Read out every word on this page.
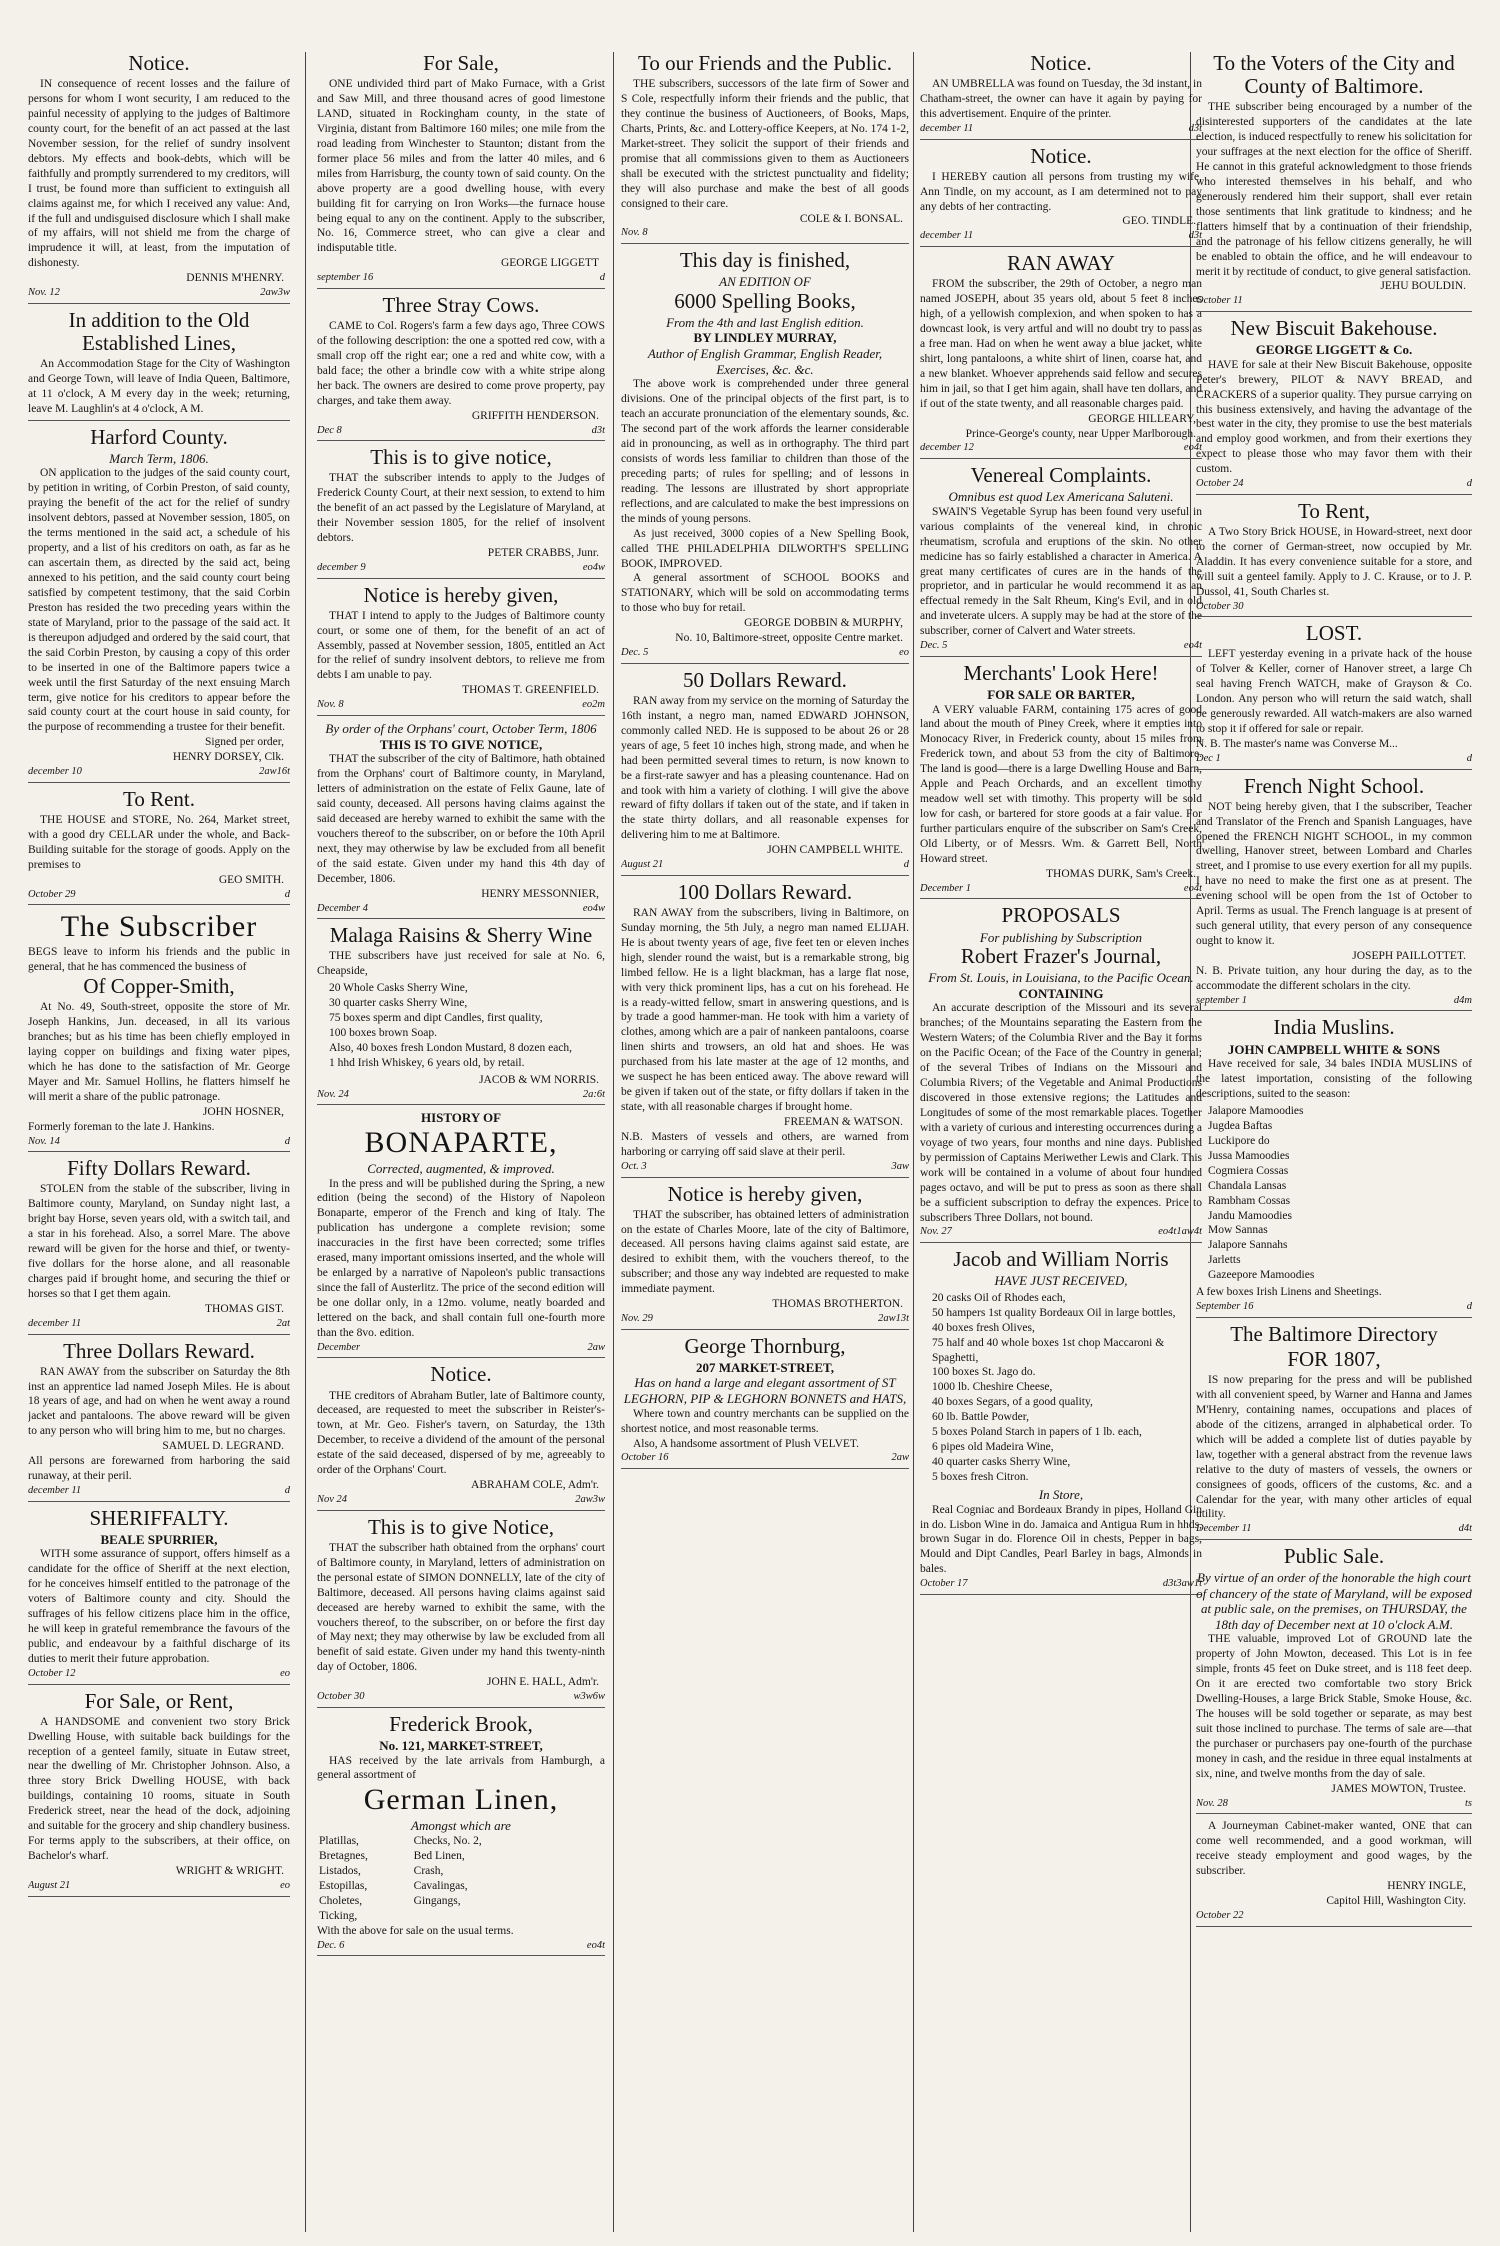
Notice.

IN consequence of recent losses and the failure of persons for whom I wont security, I am reduced to the painful necessity of applying to the judges of Baltimore county court, for the benefit of an act passed at the last November session, for the relief of sundry insolvent debtors. My effects and book-debts, which will be faithfully and promptly surrendered to my creditors, will I trust, be found more than sufficient to extinguish all claims against me, for which I received any value: And, if the full and undisguised disclosure which I shall make of my affairs, will not shield me from the charge of imprudence it will, at least, from the imputation of dishonesty.

DENNIS M'HENRY.
Nov. 12	2aw3w
In addition to the Old Established Lines,

An Accommodation Stage for the City of Washington and George Town, will leave of India Queen, Baltimore, at 11 o'clock, A M every day in the week; returning, leave M. Laughlin's at 4 o'clock, A M.

Harford County.
March Term, 1806.

ON application to the judges of the said county court, by petition in writing, of Corbin Preston, of said county, praying the benefit of the act for the relief of sundry insolvent debtors, passed at November session, 1805, on the terms mentioned in the said act, a schedule of his property, and a list of his creditors on oath, as far as he can ascertain them, as directed by the said act, being annexed to his petition, and the said county court being satisfied by competent testimony, that the said Corbin Preston has resided the two preceding years within the state of Maryland, prior to the passage of the said act. It is thereupon adjudged and ordered by the said court, that the said Corbin Preston, by causing a copy of this order to be inserted in one of the Baltimore papers twice a week until the first Saturday of the next ensuing March term, give notice for his creditors to appear before the said county court at the court house in said county, for the purpose of recommending a trustee for their benefit.

Signed per order,
HENRY DORSEY, Clk.
december 10	2aw16t
To Rent.

THE HOUSE and STORE, No. 264, Market street, with a good dry CELLAR under the whole, and Back-Building suitable for the storage of goods. Apply on the premises to

GEO SMITH.
October 29	d
The Subscriber

BEGS leave to inform his friends and the public in general, that he has commenced the business of

Of Copper-Smith,

At No. 49, South-street, opposite the store of Mr. Joseph Hankins, Jun. deceased, in all its various branches; but as his time has been chiefly employed in laying copper on buildings and fixing water pipes, which he has done to the satisfaction of Mr. George Mayer and Mr. Samuel Hollins, he flatters himself he will merit a share of the public patronage.

JOHN HOSNER,

Formerly foreman to the late J. Hankins.

Nov. 14	d
Fifty Dollars Reward.

STOLEN from the stable of the subscriber, living in Baltimore county, Maryland, on Sunday night last, a bright bay Horse, seven years old, with a switch tail, and a star in his forehead. Also, a sorrel Mare. The above reward will be given for the horse and thief, or twenty-five dollars for the horse alone, and all reasonable charges paid if brought home, and securing the thief or horses so that I get them again.

THOMAS GIST.
december 11	2at
Three Dollars Reward.

RAN AWAY from the subscriber on Saturday the 8th inst an apprentice lad named Joseph Miles. He is about 18 years of age, and had on when he went away a round jacket and pantaloons. The above reward will be given to any person who will bring him to me, but no charges.

SAMUEL D. LEGRAND.

All persons are forewarned from harboring the said runaway, at their peril.

december 11	d
SHERIFFALTY.
BEALE SPURRIER,

WITH some assurance of support, offers himself as a candidate for the office of Sheriff at the next election, for he conceives himself entitled to the patronage of the voters of Baltimore county and city. Should the suffrages of his fellow citizens place him in the office, he will keep in grateful remembrance the favours of the public, and endeavour by a faithful discharge of its duties to merit their future approbation.

October 12	eo
For Sale, or Rent,

A HANDSOME and convenient two story Brick Dwelling House, with suitable back buildings for the reception of a genteel family, situate in Eutaw street, near the dwelling of Mr. Christopher Johnson. Also, a three story Brick Dwelling HOUSE, with back buildings, containing 10 rooms, situate in South Frederick street, near the head of the dock, adjoining and suitable for the grocery and ship chandlery business. For terms apply to the subscribers, at their office, on Bachelor's wharf.

WRIGHT & WRIGHT.
August 21	eo
For Sale,

ONE undivided third part of Mako Furnace, with a Grist and Saw Mill, and three thousand acres of good limestone LAND, situated in Rockingham county, in the state of Virginia, distant from Baltimore 160 miles; one mile from the road leading from Winchester to Staunton; distant from the former place 56 miles and from the latter 40 miles, and 6 miles from Harrisburg, the county town of said county. On the above property are a good dwelling house, with every building fit for carrying on Iron Works—the furnace house being equal to any on the continent. Apply to the subscriber, No. 16, Commerce street, who can give a clear and indisputable title.

GEORGE LIGGETT
september 16	d
Three Stray Cows.

CAME to Col. Rogers's farm a few days ago, Three COWS of the following description: the one a spotted red cow, with a small crop off the right ear; one a red and white cow, with a bald face; the other a brindle cow with a white stripe along her back. The owners are desired to come prove property, pay charges, and take them away.

GRIFFITH HENDERSON.
Dec 8	d3t
This is to give notice,

THAT the subscriber intends to apply to the Judges of Frederick County Court, at their next session, to extend to him the benefit of an act passed by the Legislature of Maryland, at their November session 1805, for the relief of insolvent debtors.

PETER CRABBS, Junr.
december 9	eo4w
Notice is hereby given,

THAT I intend to apply to the Judges of Baltimore county court, or some one of them, for the benefit of an act of Assembly, passed at November session, 1805, entitled an Act for the relief of sundry insolvent debtors, to relieve me from debts I am unable to pay.

THOMAS T. GREENFIELD.
Nov. 8	eo2m
By order of the Orphans' court, October Term, 1806
THIS IS TO GIVE NOTICE,

THAT the subscriber of the city of Baltimore, hath obtained from the Orphans' court of Baltimore county, in Maryland, letters of administration on the estate of Felix Gaune, late of said county, deceased. All persons having claims against the said deceased are hereby warned to exhibit the same with the vouchers thereof to the subscriber, on or before the 10th April next, they may otherwise by law be excluded from all benefit of the said estate. Given under my hand this 4th day of December, 1806.

HENRY MESSONNIER,
December 4	eo4w
Malaga Raisins & Sherry Wine

THE subscribers have just received for sale at No. 6, Cheapside,

20 Whole Casks Sherry Wine,
30 quarter casks Sherry Wine,
75 boxes sperm and dipt Candles, first quality,
100 boxes brown Soap.
Also, 40 boxes fresh London Mustard, 8 dozen each,
1 hhd Irish Whiskey, 6 years old, by retail.
JACOB & WM NORRIS.
Nov. 24	2a:6t
HISTORY OF
BONAPARTE,
Corrected, augmented, & improved.

In the press and will be published during the Spring, a new edition (being the second) of the History of Napoleon Bonaparte, emperor of the French and king of Italy. The publication has undergone a complete revision; some inaccuracies in the first have been corrected; some trifles erased, many important omissions inserted, and the whole will be enlarged by a narrative of Napoleon's public transactions since the fall of Austerlitz. The price of the second edition will be one dollar only, in a 12mo. volume, neatly boarded and lettered on the back, and shall contain full one-fourth more than the 8vo. edition.

December	2aw
Notice.

THE creditors of Abraham Butler, late of Baltimore county, deceased, are requested to meet the subscriber in Reister's-town, at Mr. Geo. Fisher's tavern, on Saturday, the 13th December, to receive a dividend of the amount of the personal estate of the said deceased, dispersed of by me, agreeably to order of the Orphans' Court.

ABRAHAM COLE, Adm'r.
Nov 24	2aw3w
This is to give Notice,

THAT the subscriber hath obtained from the orphans' court of Baltimore county, in Maryland, letters of administration on the personal estate of SIMON DONNELLY, late of the city of Baltimore, deceased. All persons having claims against said deceased are hereby warned to exhibit the same, with the vouchers thereof, to the subscriber, on or before the first day of May next; they may otherwise by law be excluded from all benefit of said estate. Given under my hand this twenty-ninth day of October, 1806.

JOHN E. HALL, Adm'r.
October 30	w3w6w
Frederick Brook,
No. 121, MARKET-STREET,

HAS received by the late arrivals from Hamburgh, a general assortment of

German Linen,
Amongst which are
Platillas,	Checks, No. 2,
Bretagnes,	Bed Linen,
Listados,	Crash,
Estopillas,	Cavalingas,
Choletes,	Gingangs,
Ticking,

With the above for sale on the usual terms.

Dec. 6	eo4t
To our Friends and the Public.

THE subscribers, successors of the late firm of Sower and S Cole, respectfully inform their friends and the public, that they continue the business of Auctioneers, of Books, Maps, Charts, Prints, &c. and Lottery-office Keepers, at No. 174 1-2, Market-street. They solicit the support of their friends and promise that all commissions given to them as Auctioneers shall be executed with the strictest punctuality and fidelity; they will also purchase and make the best of all goods consigned to their care.

COLE & I. BONSAL.
Nov. 8
This day is finished,
AN EDITION OF
6000 Spelling Books,
From the 4th and last English edition.
BY LINDLEY MURRAY,
Author of English Grammar, English Reader, Exercises, &c. &c.

The above work is comprehended under three general divisions. One of the principal objects of the first part, is to teach an accurate pronunciation of the elementary sounds, &c. The second part of the work affords the learner considerable aid in pronouncing, as well as in orthography. The third part consists of words less familiar to children than those of the preceding parts; of rules for spelling; and of lessons in reading. The lessons are illustrated by short appropriate reflections, and are calculated to make the best impressions on the minds of young persons.

As just received, 3000 copies of a New Spelling Book, called THE PHILADELPHIA DILWORTH'S SPELLING BOOK, IMPROVED.

A general assortment of SCHOOL BOOKS and STATIONARY, which will be sold on accommodating terms to those who buy for retail.

GEORGE DOBBIN & MURPHY,
No. 10, Baltimore-street, opposite Centre market.
Dec. 5	eo
50 Dollars Reward.

RAN away from my service on the morning of Saturday the 16th instant, a negro man, named EDWARD JOHNSON, commonly called NED. He is supposed to be about 26 or 28 years of age, 5 feet 10 inches high, strong made, and when he had been permitted several times to return, is now known to be a first-rate sawyer and has a pleasing countenance. Had on and took with him a variety of clothing. I will give the above reward of fifty dollars if taken out of the state, and if taken in the state thirty dollars, and all reasonable expenses for delivering him to me at Baltimore.

JOHN CAMPBELL WHITE.
August 21	d
100 Dollars Reward.

RAN AWAY from the subscribers, living in Baltimore, on Sunday morning, the 5th July, a negro man named ELIJAH. He is about twenty years of age, five feet ten or eleven inches high, slender round the waist, but is a remarkable strong, big limbed fellow. He is a light blackman, has a large flat nose, with very thick prominent lips, has a cut on his forehead. He is a ready-witted fellow, smart in answering questions, and is by trade a good hammer-man. He took with him a variety of clothes, among which are a pair of nankeen pantaloons, coarse linen shirts and trowsers, an old hat and shoes. He was purchased from his late master at the age of 12 months, and we suspect he has been enticed away. The above reward will be given if taken out of the state, or fifty dollars if taken in the state, with all reasonable charges if brought home.

FREEMAN & WATSON.

N.B. Masters of vessels and others, are warned from harboring or carrying off said slave at their peril.

Oct. 3	3aw
Notice is hereby given,

THAT the subscriber, has obtained letters of administration on the estate of Charles Moore, late of the city of Baltimore, deceased. All persons having claims against said estate, are desired to exhibit them, with the vouchers thereof, to the subscriber; and those any way indebted are requested to make immediate payment.

THOMAS BROTHERTON.
Nov. 29	2aw13t
George Thornburg,
207 MARKET-STREET,
Has on hand a large and elegant assortment of ST LEGHORN, PIP & LEGHORN BONNETS and HATS,

Where town and country merchants can be supplied on the shortest notice, and most reasonable terms.

Also, A handsome assortment of Plush VELVET.

October 16	2aw
Notice.

AN UMBRELLA was found on Tuesday, the 3d instant, in Chatham-street, the owner can have it again by paying for this advertisement. Enquire of the printer.

december 11	d3t
Notice.

I HEREBY caution all persons from trusting my wife, Ann Tindle, on my account, as I am determined not to pay any debts of her contracting.

GEO. TINDLE.
december 11	d3t
RAN AWAY

FROM the subscriber, the 29th of October, a negro man named JOSEPH, about 35 years old, about 5 feet 8 inches high, of a yellowish complexion, and when spoken to has a downcast look, is very artful and will no doubt try to pass as a free man. Had on when he went away a blue jacket, white shirt, long pantaloons, a white shirt of linen, coarse hat, and a new blanket. Whoever apprehends said fellow and secures him in jail, so that I get him again, shall have ten dollars, and if out of the state twenty, and all reasonable charges paid.

GEORGE HILLEARY,
Prince-George's county, near Upper Marlborough.
december 12	eo4t
Venereal Complaints.
Omnibus est quod Lex Americana Saluteni.

SWAIN'S Vegetable Syrup has been found very useful in various complaints of the venereal kind, in chronic rheumatism, scrofula and eruptions of the skin. No other medicine has so fairly established a character in America. A great many certificates of cures are in the hands of the proprietor, and in particular he would recommend it as an effectual remedy in the Salt Rheum, King's Evil, and in old and inveterate ulcers. A supply may be had at the store of the subscriber, corner of Calvert and Water streets.

Dec. 5	eo4t
Merchants' Look Here!
FOR SALE OR BARTER,

A VERY valuable FARM, containing 175 acres of good land about the mouth of Piney Creek, where it empties into Monocacy River, in Frederick county, about 15 miles from Frederick town, and about 53 from the city of Baltimore. The land is good—there is a large Dwelling House and Barn, Apple and Peach Orchards, and an excellent timothy meadow well set with timothy. This property will be sold low for cash, or bartered for store goods at a fair value. For further particulars enquire of the subscriber on Sam's Creek, Old Liberty, or of Messrs. Wm. & Garrett Bell, North Howard street.

THOMAS DURK, Sam's Creek.
December 1	eo4t
PROPOSALS
For publishing by Subscription
Robert Frazer's Journal,
From St. Louis, in Louisiana, to the Pacific Ocean.
CONTAINING

An accurate description of the Missouri and its several branches; of the Mountains separating the Eastern from the Western Waters; of the Columbia River and the Bay it forms on the Pacific Ocean; of the Face of the Country in general; of the several Tribes of Indians on the Missouri and Columbia Rivers; of the Vegetable and Animal Productions discovered in those extensive regions; the Latitudes and Longitudes of some of the most remarkable places. Together with a variety of curious and interesting occurrences during a voyage of two years, four months and nine days. Published by permission of Captains Meriwether Lewis and Clark. This work will be contained in a volume of about four hundred pages octavo, and will be put to press as soon as there shall be a sufficient subscription to defray the expences. Price to subscribers Three Dollars, not bound.

Nov. 27	eo4t1aw4t
Jacob and William Norris
HAVE JUST RECEIVED,
20 casks Oil of Rhodes each,
50 hampers 1st quality Bordeaux Oil in large bottles,
40 boxes fresh Olives,
75 half and 40 whole boxes 1st chop Maccaroni & Spaghetti,
100 boxes St. Jago do.
1000 lb. Cheshire Cheese,
40 boxes Segars, of a good quality,
60 lb. Battle Powder,
5 boxes Poland Starch in papers of 1 lb. each,
6 pipes old Madeira Wine,
40 quarter casks Sherry Wine,
5 boxes fresh Citron.
In Store,

Real Cogniac and Bordeaux Brandy in pipes, Holland Gin in do. Lisbon Wine in do. Jamaica and Antigua Rum in hhds, brown Sugar in do. Florence Oil in chests, Pepper in bags, Mould and Dipt Candles, Pearl Barley in bags, Almonds in bales.

October 17	d3t3aw1t
To the Voters of the City and County of Baltimore.

THE subscriber being encouraged by a number of the disinterested supporters of the candidates at the late election, is induced respectfully to renew his solicitation for your suffrages at the next election for the office of Sheriff. He cannot in this grateful acknowledgment to those friends who interested themselves in his behalf, and who generously rendered him their support, shall ever retain those sentiments that link gratitude to kindness; and he flatters himself that by a continuation of their friendship, and the patronage of his fellow citizens generally, he will be enabled to obtain the office, and he will endeavour to merit it by rectitude of conduct, to give general satisfaction.

JEHU BOULDIN.
October 11
New Biscuit Bakehouse.
GEORGE LIGGETT & Co.

HAVE for sale at their New Biscuit Bakehouse, opposite Peter's brewery, PILOT & NAVY BREAD, and CRACKERS of a superior quality. They pursue carrying on this business extensively, and having the advantage of the best water in the city, they promise to use the best materials and employ good workmen, and from their exertions they expect to please those who may favor them with their custom.

October 24	d
To Rent,

A Two Story Brick HOUSE, in Howard-street, next door to the corner of German-street, now occupied by Mr. Aladdin. It has every convenience suitable for a store, and will suit a genteel family. Apply to J. C. Krause, or to J. P. Dussol, 41, South Charles st.

October 30
LOST.

LEFT yesterday evening in a private hack of the house of Tolver & Keller, corner of Hanover street, a large Ch seal having French WATCH, make of Grayson & Co. London. Any person who will return the said watch, shall be generously rewarded. All watch-makers are also warned to stop it if offered for sale or repair.

N. B. The master's name was Converse M...

Dec 1	d
French Night School.

NOT being hereby given, that I the subscriber, Teacher and Translator of the French and Spanish Languages, have opened the FRENCH NIGHT SCHOOL, in my common dwelling, Hanover street, between Lombard and Charles street, and I promise to use every exertion for all my pupils. I have no need to make the first one as at present. The evening school will be open from the 1st of October to April. Terms as usual. The French language is at present of such general utility, that every person of any consequence ought to know it.

JOSEPH PAILLOTTET.

N. B. Private tuition, any hour during the day, as to the accommodate the different scholars in the city.

september 1	d4m
India Muslins.
JOHN CAMPBELL WHITE & SONS

Have received for sale, 34 bales INDIA MUSLINS of the latest importation, consisting of the following descriptions, suited to the season:

Jalapore Mamoodies
Jugdea Baftas
Luckipore do
Jussa Mamoodies
Cogmiera Cossas
Chandala Lansas
Rambham Cossas
Jandu Mamoodies
Mow Sannas
Jalapore Sannahs
Jarletts
Gazeepore Mamoodies

A few boxes Irish Linens and Sheetings.

September 16	d
The Baltimore Directory
FOR 1807,

IS now preparing for the press and will be published with all convenient speed, by Warner and Hanna and James M'Henry, containing names, occupations and places of abode of the citizens, arranged in alphabetical order. To which will be added a complete list of duties payable by law, together with a general abstract from the revenue laws relative to the duty of masters of vessels, the owners or consignees of goods, officers of the customs, &c. and a Calendar for the year, with many other articles of equal utility.

December 11	d4t
Public Sale.
By virtue of an order of the honorable the high court of chancery of the state of Maryland, will be exposed at public sale, on the premises, on THURSDAY, the 18th day of December next at 10 o'clock A.M.

THE valuable, improved Lot of GROUND late the property of John Mowton, deceased. This Lot is in fee simple, fronts 45 feet on Duke street, and is 118 feet deep. On it are erected two comfortable two story Brick Dwelling-Houses, a large Brick Stable, Smoke House, &c. The houses will be sold together or separate, as may best suit those inclined to purchase. The terms of sale are—that the purchaser or purchasers pay one-fourth of the purchase money in cash, and the residue in three equal instalments at six, nine, and twelve months from the day of sale.

JAMES MOWTON, Trustee.
Nov. 28	ts

A Journeyman Cabinet-maker wanted, ONE that can come well recommended, and a good workman, will receive steady employment and good wages, by the subscriber.

HENRY INGLE,
Capitol Hill, Washington City.
October 22
